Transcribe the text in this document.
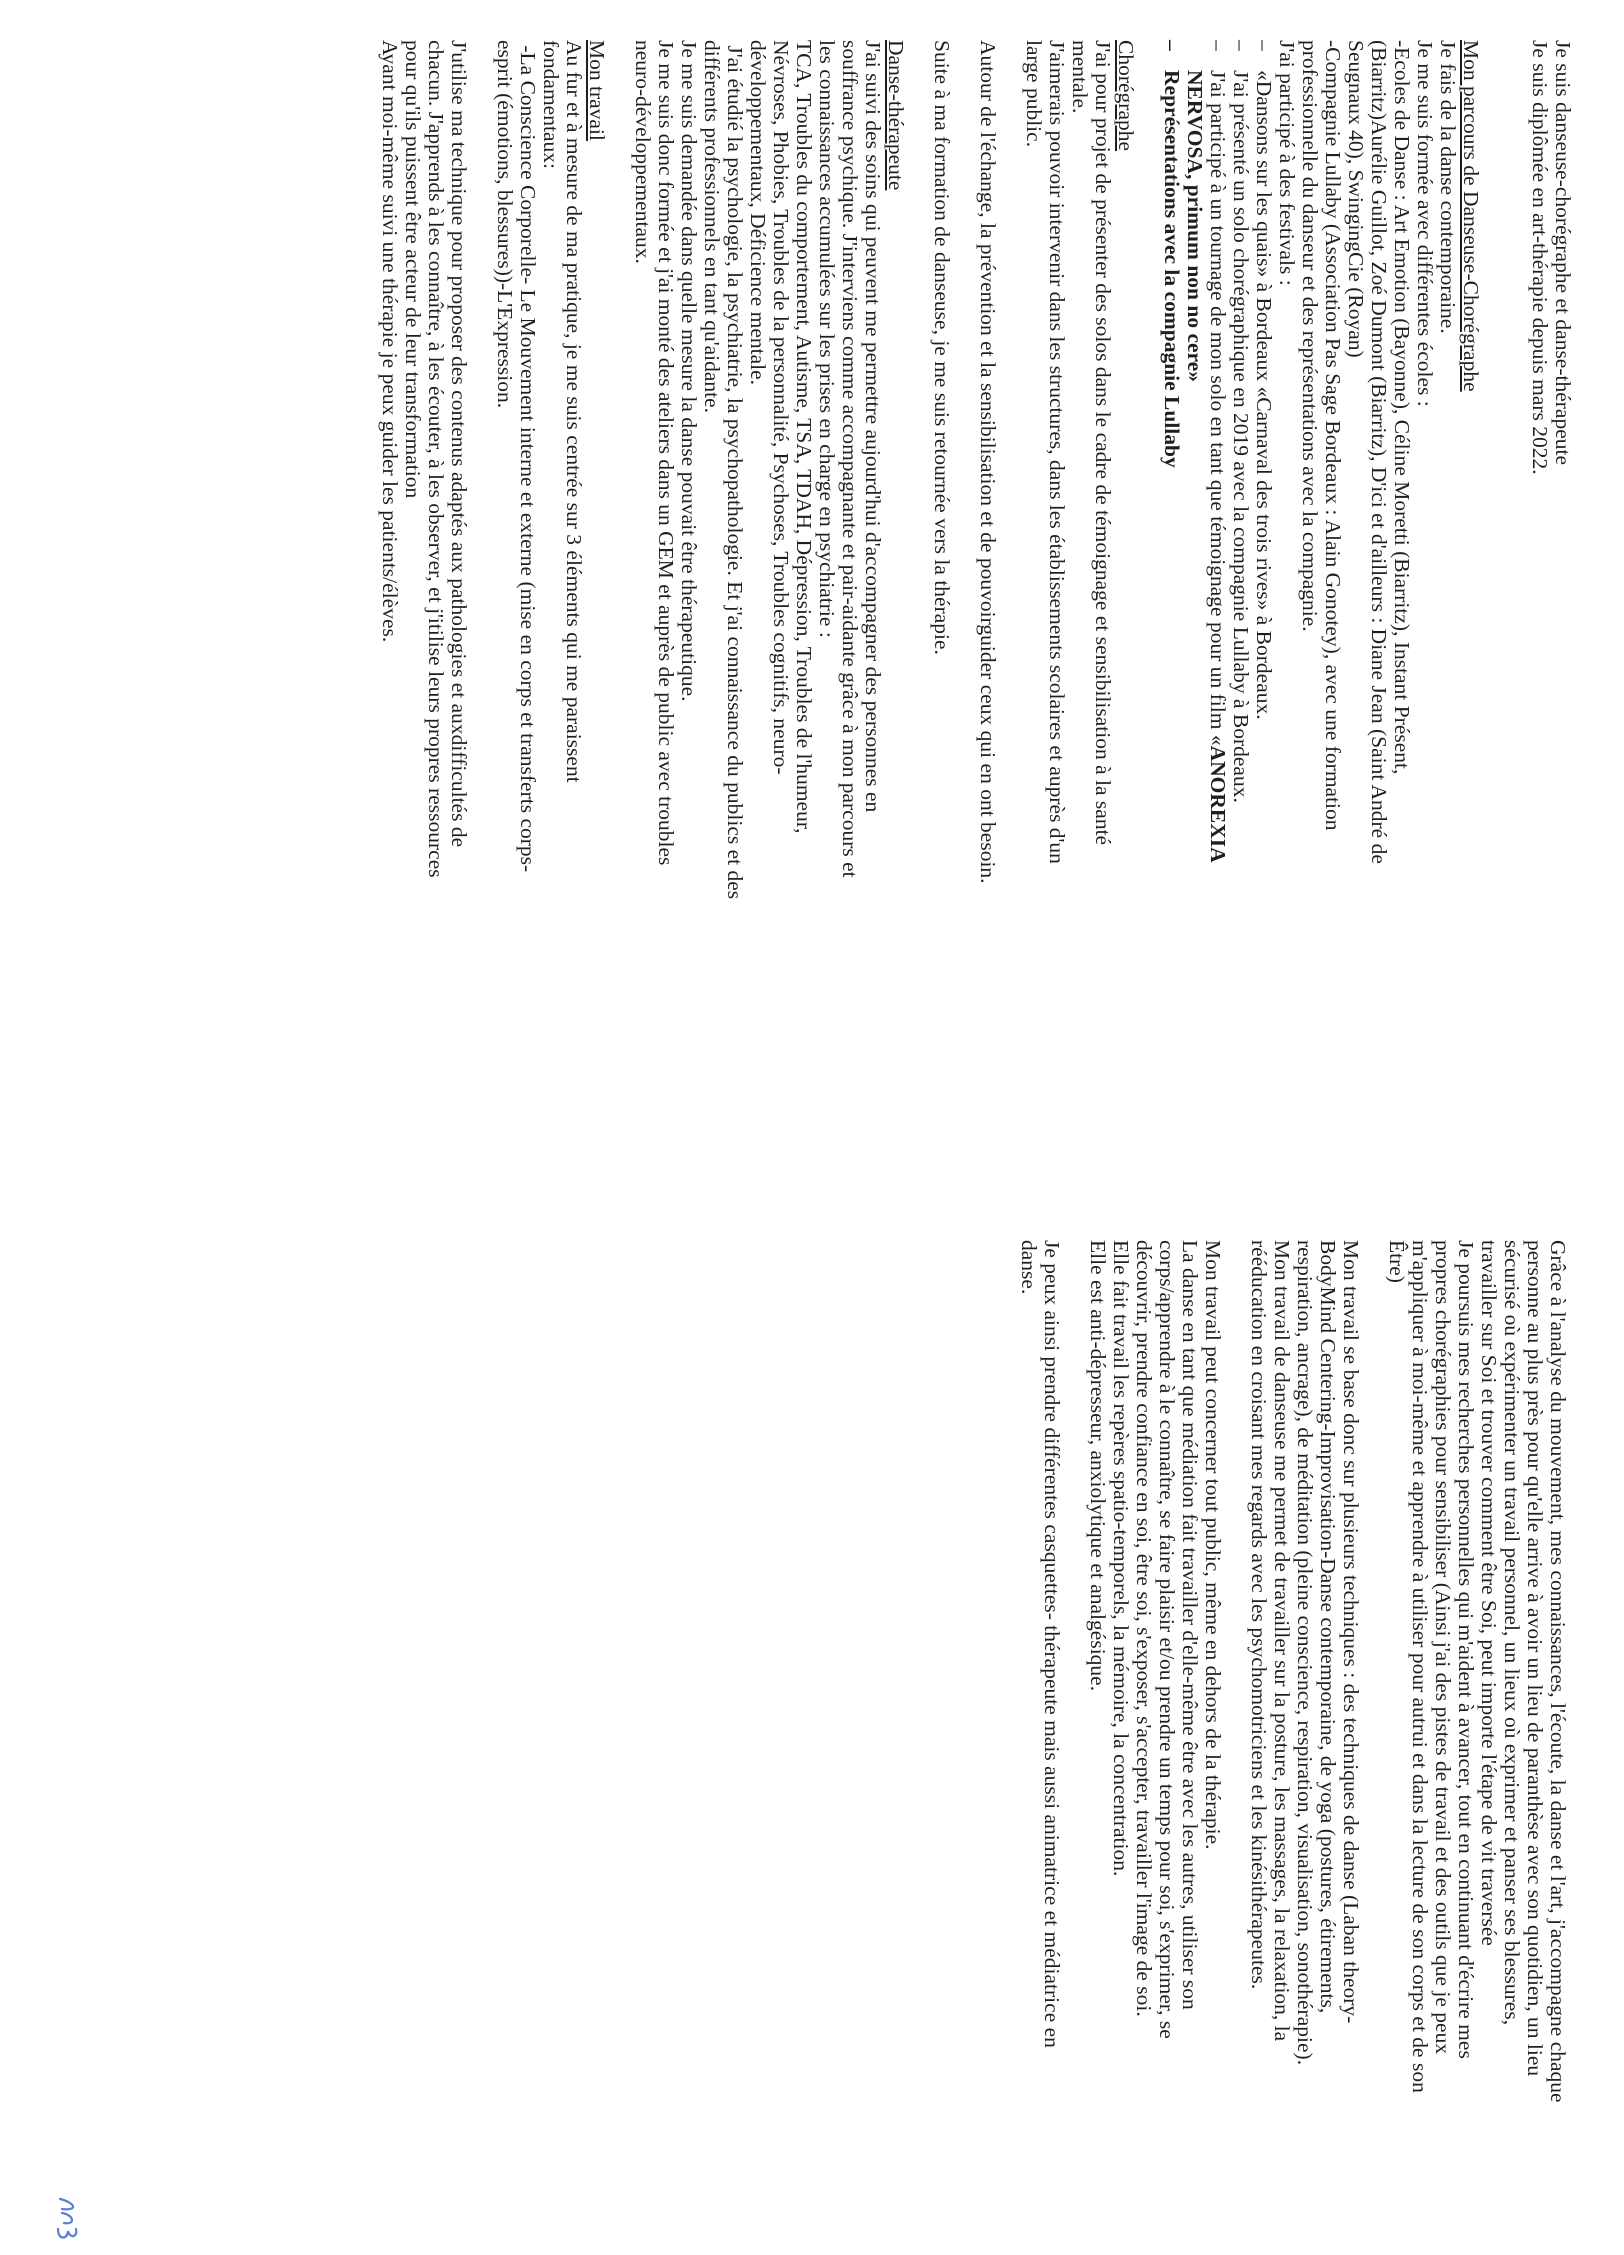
Je suis danseuse-chorégraphe et danse-thérapeute

Je suis diplômée en art-thérapie depuis mars 2022.

Mon parcours de Danseuse-Chorégraphe

Je fais de la danse contemporaine.

Je me suis formée avec différentes écoles :

-Ecoles de Danse : Art Emotion (Bayonne), Céline Moretti (Biarritz), Instant Présent,

(Biarritz)Aurélie Guillot, Zoé Dumont (Biarritz), D'ici et d'ailleurs : Diane Jean (Saint André de

Seugnaux 40), SwingingCie (Royan)

-Compagnie Lullaby (Association Pas Sage Bordeaux : Alain Gonotey), avec une formation

professionnelle du danseur et des représentations avec la compagnie.

J'ai participé à des festivals :

– «Dansons sur les quais» à Bordeaux «Carnaval des trois rives» à Bordeaux.
– J'ai présenté un solo chorégraphique en 2019 avec la compagnie Lullaby à Bordeaux.
– J'ai participé à un tournage de mon solo en tant que témoignage pour un film «ANOREXIA
NERVOSA, primum non no cere»
– Représentations avec la compagnie Lullaby

Chorégraphe

J'ai pour projet de présenter des solos dans le cadre de témoignage et sensibilisation à la santé

mentale.

J'aimerais pouvoir intervenir dans les structures, dans les établissements scolaires et auprès d'un

large public.

Autour de l'échange, la prévention et la sensibilisation et de pouvoirguider ceux qui en ont besoin.

Suite à ma formation de danseuse, je me suis retournée vers la thérapie.

Danse-thérapeute

J'ai suivi des soins qui peuvent me permettre aujourd'hui d'accompagner des personnes en

souffrance psychique. J'interviens comme accompagnante et pair-aidante grâce à mon parcours et

les connaissances accumulées sur les prises en charge en psychiatrie :

TCA, Troubles du comportement, Autisme, TSA, TDAH, Dépression, Troubles de l'humeur,

Névroses, Phobies, Troubles de la personnalité, Psychoses, Troubles cognitifs, neuro-

développementaux, Déficience mentale.

J'ai étudié la psychologie, la psychiatrie, la psychopathologie. Et j'ai connaissance du publics et des

différents professionnels en tant qu'aidante.

Je me suis demandée dans quelle mesure la danse pouvait être thérapeutique.

Je me suis donc formée et j'ai monté des ateliers dans un GEM et auprès de public avec troubles

neuro-développementaux.

Mon travail

Au fur et à mesure de ma pratique, je me suis centrée sur 3 éléments qui me paraissent

fondamentaux:

-La Conscience Corporelle- Le Mouvement interne et externe (mise en corps et transferts corps-

esprit (émotions, blessures))-L'Expression.

J'utilise ma technique pour proposer des contenus adaptés aux pathologies et auxdifficultés de

chacun. J'apprends à les connaître, à les écouter, à les observer, et j'itilise leurs propres ressources

pour qu'ils puissent être acteur de leur transformation

Ayant moi-même suivi une thérapie je peux guider les patients/élèves.

Grâce à l'analyse du mouvement, mes connaissances, l'écoute, la danse et l'art, j'accompagne chaque

personne au plus près pour qu'elle arrive à avoir un lieu de paranthèse avec son quotidien, un lieu

sécurisé où expérimenter un travail personnel, un lieux où exprimer et panser ses blessures,

travailler sur Soi et trouver comment être Soi, peut importe l'étape de vit traversée

Je poursuis mes recherches personnelles qui m'aident à avancer, tout en continuant d'écrire mes

propres chorégraphies pour sensibiliser (Ainsi j'ai des pistes de travail et des outils que je peux

m'appliquer à moi-même et apprendre à utiliser pour autrui et dans la lecture de son corps et de son

Être)

Mon travail se base donc sur plusieurs techniques : des techniques de danse (Laban theory-

BodyMind Centering-Improvisation-Danse contemporaine, de yoga (postures, étirements,

respiration, ancrage), de méditation (pleine conscience, respiration, visualisation, sonothérapie).

Mon travail de danseuse me permet de travailler sur la posture, les massages, la relaxation, la

rééducation en croisant mes regards avec les psychomotriciens et les kinésithérapeutes.

Mon travail peut concerner tout public, même en dehors de la thérapie.

La danse en tant que médiation fait travailler d'elle-même être avec les autres, utiliser son

corps/apprendre à le connaître, se faire plaisir et/ou prendre un temps pour soi, s'exprimer, se

découvrir, prendre confiance en soi, être soi, s'exposer, s'accepter, travailler l'image de soi.

Elle fait travail les repères spatio-temporels, la mémoire, la concentration.

Elle est anti-dépresseur, anxiolytique et analgésique.

Je peux ainsi prendre différentes casquettes- thérapeute mais aussi animatrice et médiatrice en

danse.
